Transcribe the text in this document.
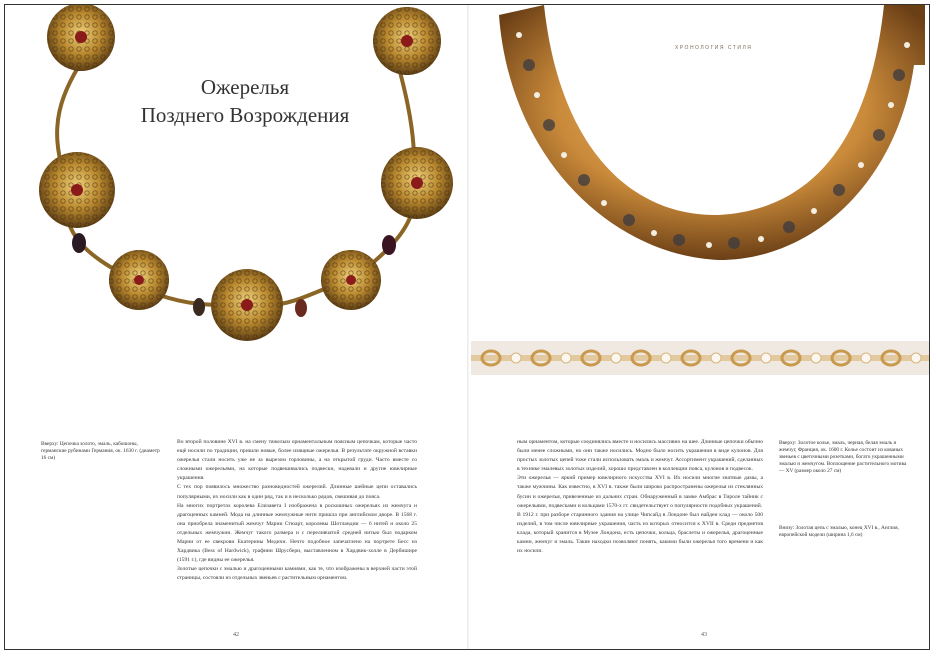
Ожерелья
Позднего Возрождения
Вверху: Цепочка золото, эмаль, кабошоны, германские рубинами Германия, ок. 1630 г. (диаметр 16 см)

Во второй половине XVI в. на смену тяжелым орнаментальным поясным цепочкам, которые часто ещё носили по традиции, пришли новые, более изящные ожерелья. В результате окружной вставки ожерелья стали носить уже не за вырезом горловины, а на открытой груди. Часто вместе со сложными ожерельями, на которые подвешивались подвески, надевали и другие ювелирные украшения.

С тех пор появилось множество разновидностей ожерелий. Длинные шейные цепи оставались популярными, их носили как в один ряд, так и в несколько рядов, свешивая до пояса.

На многих портретах королева Елизавета I изображена в роскошных ожерельях из жемчуга и драгоценных камней. Мода на длинные жемчужные нити пришла при английском дворе. В 1568 г. она приобрела знаменитый жемчуг Марии Стюарт, королевы Шотландии — 6 нитей и около 25 отдельных жемчужин. Жемчуг такого размера и с переливчатой средней нитью был подарком Марии от ее свекрови Екатерины Медичи. Нечто подобное запечатлено на портрете Бесс из Хардвика (Bess of Hardwick), графини Шрусбери, выставленном в Хардвик-холле в Дербишире (1591 г.), где видны ее ожерелья.

Золотые цепочки с эмалью и драгоценными камнями, как те, что изображены в верхней части этой страницы, состояли из отдельных звеньев с растительным орнаментом.

42
ХРОНОЛОГИЯ СТИЛЯ

ным орнаментом, которые соединялись вместе и носились массивно на шее. Длинные цепочки обычно были менее сложными, но они также носились. Модно было носить украшения в виде кулонов. Для простых золотых цепей тоже стали использовать эмаль и жемчуг. Ассортимент украшений, сделанных в технике эмалевых золотых изделий, хорошо представлен в коллекции пояса, кулонов и подвесок.

Эти ожерелья — яркий пример ювелирного искусства XVI в. Их носили многие знатные дамы, а также мужчины. Как известно, в XVI в. также были широко распространены ожерелья из стеклянных бусин и ожерелья, привезенные из дальних стран. Обнаруженный в замке Амбрас в Тироле тайник с ожерельями, подвесками и кольцами 1570-х гг. свидетельствует о популярности подобных украшений.

В 1912 г. при разборе старинного здания на улице Чипсайд в Лондоне был найден клад — около 500 изделий, в том числе ювелирные украшения, часть из которых относится к XVII в. Среди предметов клада, который хранится в Музее Лондона, есть цепочки, кольца, браслеты и ожерелья, драгоценные камни, жемчуг и эмаль. Такие находки позволяют понять, какими были ожерелья того времени и как их носили.

Вверху: Золотое колье, эмаль, черная, белая эмаль и жемчуг, Франция, ок. 1600 г. Колье состоит из кованых звеньев с цветочными розетками, богато украшенными эмалью и жемчугом. Воплощение растительного мотива — XV (размер около 27 см)
Внизу: Золотая цепь с эмалью, конец XVI в., Англия, европейской модели (ширина 1,6 см)
43
